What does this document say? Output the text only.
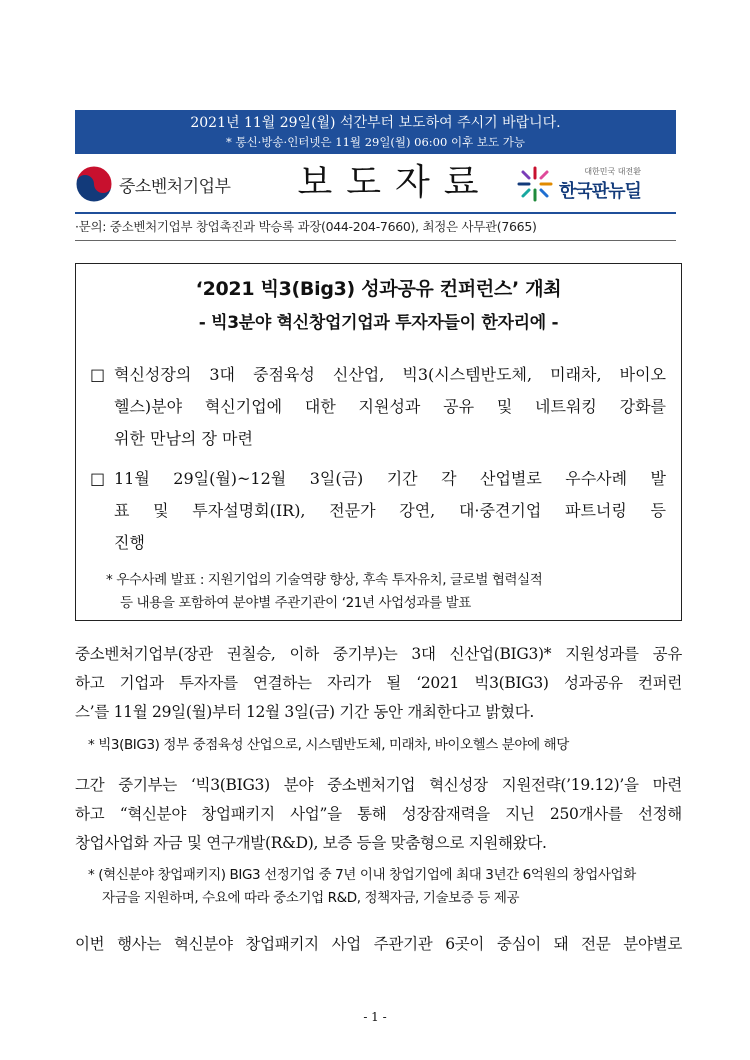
2021년 11월 29일(월) 석간부터 보도하여 주시기 바랍니다.
* 통신·방송·인터넷은 11월 29일(월) 06:00 이후 보도 가능
중소벤처기업부	보도자료	대한민국 대전환
한국판뉴딜
·문의: 중소벤처기업부 창업촉진과 박승록 과장(044-204-7660), 최정은 사무관(7665)
‘2021 빅3(Big3) 성과공유 컨퍼런스’ 개최
- 빅3분야 혁신창업기업과 투자자들이 한자리에 -
□ 혁신성장의 3대 중점육성 신산업, 빅3(시스템반도체, 미래차, 바이오
헬스)분야 혁신기업에 대한 지원성과 공유 및 네트워킹 강화를
위한 만남의 장 마련
□ 11월 29일(월)~12월 3일(금) 기간 각 산업별로 우수사례 발
표 및 투자설명회(IR), 전문가 강연, 대·중견기업 파트너링 등
진행
* 우수사례 발표 : 지원기업의 기술역량 향상, 후속 투자유치, 글로벌 협력실적
등 내용을 포함하여 분야별 주관기관이 ‘21년 사업성과를 발표
중소벤처기업부(장관 권칠승, 이하 중기부)는 3대 신산업(BIG3)* 지원성과를 공유
하고 기업과 투자자를 연결하는 자리가 될 ‘2021 빅3(BIG3) 성과공유 컨퍼런
스’를 11월 29일(월)부터 12월 3일(금) 기간 동안 개최한다고 밝혔다.
* 빅3(BIG3) 정부 중점육성 산업으로, 시스템반도체, 미래차, 바이오헬스 분야에 해당
그간 중기부는 ‘빅3(BIG3) 분야 중소벤처기업 혁신성장 지원전략(’19.12)’을 마련
하고 “혁신분야 창업패키지 사업”을 통해 성장잠재력을 지닌 250개사를 선정해
창업사업화 자금 및 연구개발(R&D), 보증 등을 맞춤형으로 지원해왔다.
* (혁신분야 창업패키지) BIG3 선정기업 중 7년 이내 창업기업에 최대 3년간 6억원의 창업사업화
자금을 지원하며, 수요에 따라 중소기업 R&D, 정책자금, 기술보증 등 제공
이번 행사는 혁신분야 창업패키지 사업 주관기관 6곳이 중심이 돼 전문 분야별로
- 1 -
